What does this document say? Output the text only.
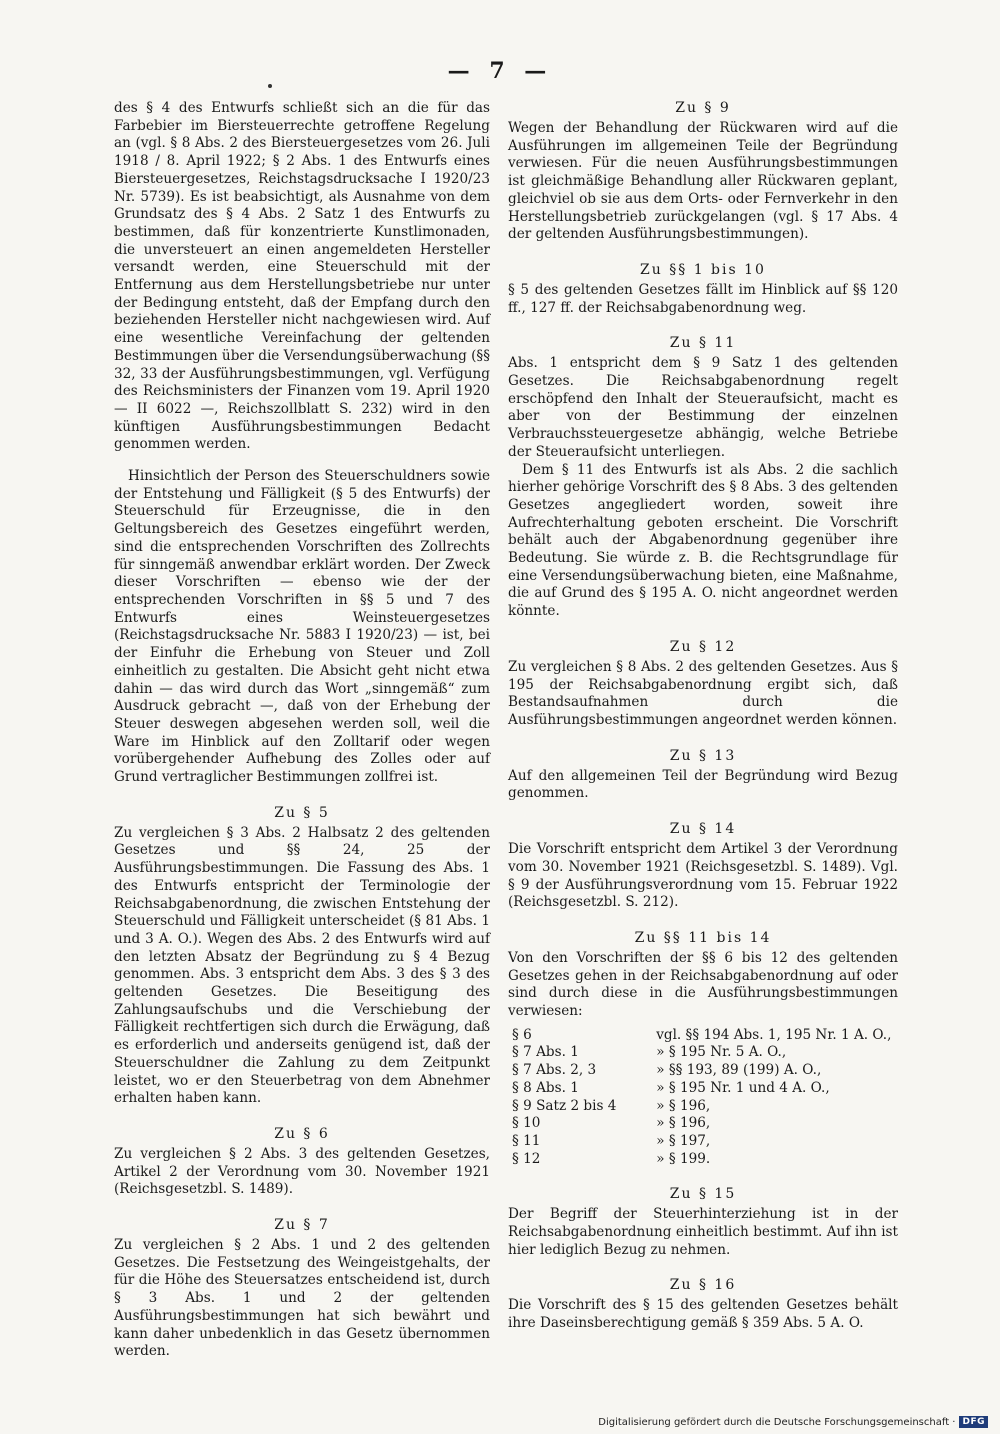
— 7 —

des § 4 des Entwurfs schließt sich an die für das Farbebier im Biersteuerrechte getroffene Regelung an (vgl. § 8 Abs. 2 des Biersteuergesetzes vom 26. Juli 1918 / 8. April 1922; § 2 Abs. 1 des Entwurfs eines Biersteuergesetzes, Reichstagsdrucksache I 1920/23 Nr. 5739). Es ist beabsichtigt, als Ausnahme von dem Grundsatz des § 4 Abs. 2 Satz 1 des Entwurfs zu bestimmen, daß für konzentrierte Kunstlimonaden, die unversteuert an einen angemeldeten Hersteller versandt werden, eine Steuerschuld mit der Entfernung aus dem Herstellungsbetriebe nur unter der Bedingung entsteht, daß der Empfang durch den beziehenden Hersteller nicht nachgewiesen wird. Auf eine wesentliche Vereinfachung der geltenden Bestimmungen über die Versendungsüberwachung (§§ 32, 33 der Ausführungsbestimmungen, vgl. Verfügung des Reichsministers der Finanzen vom 19. April 1920 — II 6022 —, Reichszollblatt S. 232) wird in den künftigen Ausführungsbestimmungen Bedacht genommen werden.

Hinsichtlich der Person des Steuerschuldners sowie der Entstehung und Fälligkeit (§ 5 des Entwurfs) der Steuerschuld für Erzeugnisse, die in den Geltungsbereich des Gesetzes eingeführt werden, sind die entsprechenden Vorschriften des Zollrechts für sinngemäß anwendbar erklärt worden. Der Zweck dieser Vorschriften — ebenso wie der der entsprechenden Vorschriften in §§ 5 und 7 des Entwurfs eines Weinsteuergesetzes (Reichstagsdrucksache Nr. 5883 I 1920/23) — ist, bei der Einfuhr die Erhebung von Steuer und Zoll einheitlich zu gestalten. Die Absicht geht nicht etwa dahin — das wird durch das Wort „sinngemäß“ zum Ausdruck gebracht —, daß von der Erhebung der Steuer deswegen abgesehen werden soll, weil die Ware im Hinblick auf den Zolltarif oder wegen vorübergehender Aufhebung des Zolles oder auf Grund vertraglicher Bestimmungen zollfrei ist.

Zu § 5

Zu vergleichen § 3 Abs. 2 Halbsatz 2 des geltenden Gesetzes und §§ 24, 25 der Ausführungsbestimmungen. Die Fassung des Abs. 1 des Entwurfs entspricht der Terminologie der Reichsabgabenordnung, die zwischen Entstehung der Steuerschuld und Fälligkeit unterscheidet (§ 81 Abs. 1 und 3 A. O.). Wegen des Abs. 2 des Entwurfs wird auf den letzten Absatz der Begründung zu § 4 Bezug genommen. Abs. 3 entspricht dem Abs. 3 des § 3 des geltenden Gesetzes. Die Beseitigung des Zahlungsaufschubs und die Verschiebung der Fälligkeit rechtfertigen sich durch die Erwägung, daß es erforderlich und anderseits genügend ist, daß der Steuerschuldner die Zahlung zu dem Zeitpunkt leistet, wo er den Steuerbetrag von dem Abnehmer erhalten haben kann.

Zu § 6

Zu vergleichen § 2 Abs. 3 des geltenden Gesetzes, Artikel 2 der Verordnung vom 30. November 1921 (Reichsgesetzbl. S. 1489).

Zu § 7

Zu vergleichen § 2 Abs. 1 und 2 des geltenden Gesetzes. Die Festsetzung des Weingeistgehalts, der für die Höhe des Steuersatzes entscheidend ist, durch § 3 Abs. 1 und 2 der geltenden Ausführungsbestimmungen hat sich bewährt und kann daher unbedenklich in das Gesetz übernommen werden.

Zu § 9

Wegen der Behandlung der Rückwaren wird auf die Ausführungen im allgemeinen Teile der Begründung verwiesen. Für die neuen Ausführungsbestimmungen ist gleichmäßige Behandlung aller Rückwaren geplant, gleichviel ob sie aus dem Orts- oder Fernverkehr in den Herstellungsbetrieb zurückgelangen (vgl. § 17 Abs. 4 der geltenden Ausführungsbestimmungen).

Zu §§ 1 bis 10

§ 5 des geltenden Gesetzes fällt im Hinblick auf §§ 120 ff., 127 ff. der Reichsabgabenordnung weg.

Zu § 11

Abs. 1 entspricht dem § 9 Satz 1 des geltenden Gesetzes. Die Reichsabgabenordnung regelt erschöpfend den Inhalt der Steueraufsicht, macht es aber von der Bestimmung der einzelnen Verbrauchssteuergesetze abhängig, welche Betriebe der Steueraufsicht unterliegen.

Dem § 11 des Entwurfs ist als Abs. 2 die sachlich hierher gehörige Vorschrift des § 8 Abs. 3 des geltenden Gesetzes angegliedert worden, soweit ihre Aufrechterhaltung geboten erscheint. Die Vorschrift behält auch der Abgabenordnung gegenüber ihre Bedeutung. Sie würde z. B. die Rechtsgrundlage für eine Versendungsüberwachung bieten, eine Maßnahme, die auf Grund des § 195 A. O. nicht angeordnet werden könnte.

Zu § 12

Zu vergleichen § 8 Abs. 2 des geltenden Gesetzes. Aus § 195 der Reichsabgabenordnung ergibt sich, daß Bestandsaufnahmen durch die Ausführungsbestimmungen angeordnet werden können.

Zu § 13

Auf den allgemeinen Teil der Begründung wird Bezug genommen.

Zu § 14

Die Vorschrift entspricht dem Artikel 3 der Verordnung vom 30. November 1921 (Reichsgesetzbl. S. 1489). Vgl. § 9 der Ausführungsverordnung vom 15. Februar 1922 (Reichsgesetzbl. S. 212).

Zu §§ 11 bis 14

Von den Vorschriften der §§ 6 bis 12 des geltenden Gesetzes gehen in der Reichsabgabenordnung auf oder sind durch diese in die Ausführungsbestimmungen verwiesen:

§ 6	vgl. §§ 194 Abs. 1, 195 Nr. 1 A. O.,
§ 7 Abs. 1	» § 195 Nr. 5 A. O.,
§ 7 Abs. 2, 3	» §§ 193, 89 (199) A. O.,
§ 8 Abs. 1	» § 195 Nr. 1 und 4 A. O.,
§ 9 Satz 2 bis 4	» § 196,
§ 10	» § 196,
§ 11	» § 197,
§ 12	» § 199.
Zu § 15

Der Begriff der Steuerhinterziehung ist in der Reichsabgabenordnung einheitlich bestimmt. Auf ihn ist hier lediglich Bezug zu nehmen.

Zu § 16

Die Vorschrift des § 15 des geltenden Gesetzes behält ihre Daseinsberechtigung gemäß § 359 Abs. 5 A. O.

Digitalisierung gefördert durch die Deutsche Forschungsgemeinschaft · DFG
